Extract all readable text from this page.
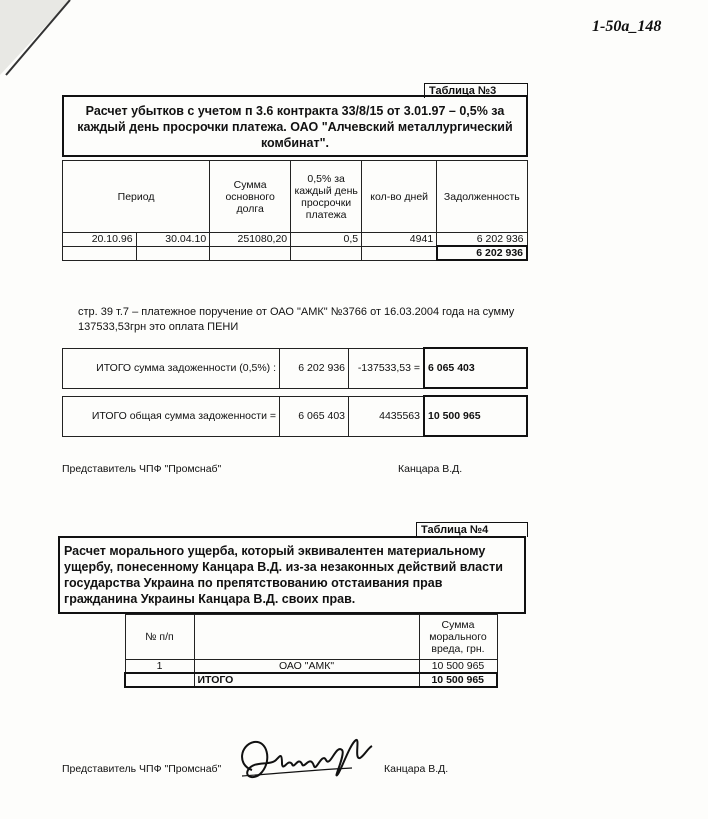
1-50a_148
Таблица №3
Расчет убытков с учетом п 3.6 контракта 33/8/15 от 3.01.97 – 0,5% за каждый день просрочки платежа. ОАО "Алчевский металлургический комбинат".
Период		Сумма основного долга	0,5% за каждый день просрочки платежа	кол-во дней	Задолженность
20.10.96	30.04.10	251080,20	0,5	4941	6 202 936
					6 202 936
стр. 39 т.7 – платежное поручение от ОАО "АМК" №3766 от 16.03.2004 года на сумму 137533,53грн это оплата ПЕНИ
ИТОГО сумма задоженности (0,5%) :	6 202 936	-137533,53 =	6 065 403
ИТОГО общая сумма задоженности =	6 065 403	4435563	10 500 965
Представитель ЧПФ "Промснаб"	Канцара В.Д.
Таблица №4
Расчет морального ущерба, который эквивалентен материальному ущербу, понесенному Канцара В.Д. из-за незаконных действий власти государства Украина по препятствованию отстаивания прав гражданина Украины Канцара В.Д. своих прав.
№ п/п		Сумма морального вреда, грн.
1	ОАО "АМК"	10 500 965
	ИТОГО	10 500 965
Представитель ЧПФ "Промснаб"	Канцара В.Д.
